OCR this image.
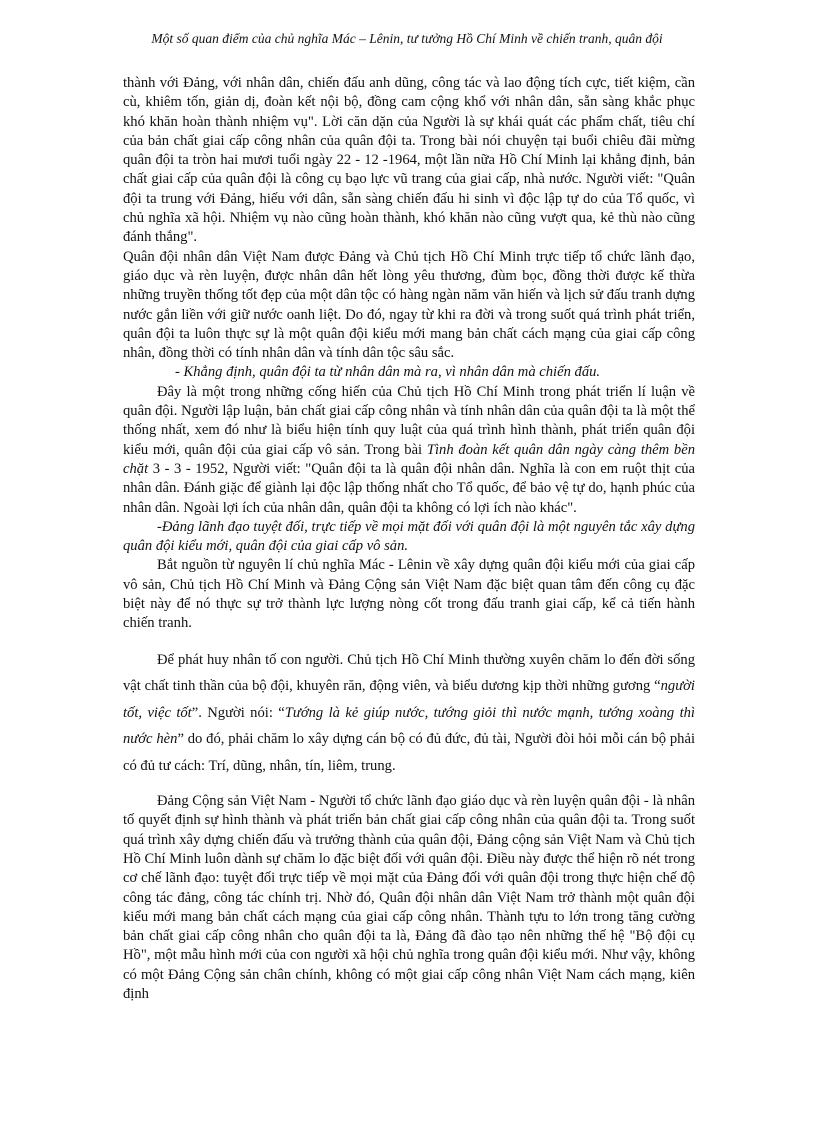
Một số quan điểm của chủ nghĩa Mác – Lênin, tư tưởng Hồ Chí Minh về chiến tranh, quân đội

thành với Đảng, với nhân dân, chiến đấu anh dũng, công tác và lao động tích cực, tiết kiệm, cần cù, khiêm tốn, giản dị, đoàn kết nội bộ, đồng cam cộng khổ với nhân dân, sẵn sàng khắc phục khó khăn hoàn thành nhiệm vụ". Lời căn dặn của Người là sự khái quát các phẩm chất, tiêu chí của bản chất giai cấp công nhân của quân đội ta. Trong bài nói chuyện tại buổi chiêu đãi mừng quân đội ta tròn hai mươi tuổi ngày 22 - 12 -1964, một lần nữa Hồ Chí Minh lại khẳng định, bản chất giai cấp của quân đội là công cụ bạo lực vũ trang của giai cấp, nhà nước. Người viết: "Quân đội ta trung với Đảng, hiếu với dân, sẵn sàng chiến đấu hi sinh vì độc lập tự do của Tổ quốc, vì chủ nghĩa xã hội. Nhiệm vụ nào cũng hoàn thành, khó khăn nào cũng vượt qua, kẻ thù nào cũng đánh thắng".

Quân đội nhân dân Việt Nam được Đảng và Chủ tịch Hồ Chí Minh trực tiếp tổ chức lãnh đạo, giáo dục và rèn luyện, được nhân dân hết lòng yêu thương, đùm bọc, đồng thời được kế thừa những truyền thống tốt đẹp của một dân tộc có hàng ngàn năm văn hiến và lịch sử đấu tranh dựng nước gắn liền với giữ nước oanh liệt. Do đó, ngay từ khi ra đời và trong suốt quá trình phát triển, quân đội ta luôn thực sự là một quân đội kiểu mới mang bản chất cách mạng của giai cấp công nhân, đồng thời có tính nhân dân và tính dân tộc sâu sắc.

- Khẳng định, quân đội ta từ nhân dân mà ra, vì nhân dân mà chiến đấu.

Đây là một trong những cống hiến của Chủ tịch Hồ Chí Minh trong phát triển lí luận về quân đội. Người lập luận, bản chất giai cấp công nhân và tính nhân dân của quân đội ta là một thể thống nhất, xem đó như là biểu hiện tính quy luật của quá trình hình thành, phát triển quân đội kiểu mới, quân đội của giai cấp vô sản. Trong bài Tình đoàn kết quân dân ngày càng thêm bền chặt 3 - 3 - 1952, Người viết: "Quân đội ta là quân đội nhân dân. Nghĩa là con em ruột thịt của nhân dân. Đánh giặc để giành lại độc lập thống nhất cho Tổ quốc, để bảo vệ tự do, hạnh phúc của nhân dân. Ngoài lợi ích của nhân dân, quân đội ta không có lợi ích nào khác".

-Đảng lãnh đạo tuyệt đối, trực tiếp về mọi mặt đối với quân đội là một nguyên tắc xây dựng quân đội kiểu mới, quân đội của giai cấp vô sản.

Bắt nguồn từ nguyên lí chủ nghĩa Mác - Lênin về xây dựng quân đội kiểu mới của giai cấp vô sản, Chủ tịch Hồ Chí Minh và Đảng Cộng sản Việt Nam đặc biệt quan tâm đến công cụ đặc biệt này để nó thực sự trở thành lực lượng nòng cốt trong đấu tranh giai cấp, kể cả tiến hành chiến tranh.

Để phát huy nhân tố con người. Chủ tịch Hồ Chí Minh thường xuyên chăm lo đến đời sống vật chất tinh thần của bộ đội, khuyên răn, động viên, và biểu dương kịp thời những gương “người tốt, việc tốt”. Người nói: “Tướng là kẻ giúp nước, tướng giỏi thì nước mạnh, tướng xoàng thì nước hèn” do đó, phải chăm lo xây dựng cán bộ có đủ đức, đủ tài, Người đòi hỏi mỗi cán bộ phải có đủ tư cách: Trí, dũng, nhân, tín, liêm, trung.

Đảng Cộng sản Việt Nam - Người tổ chức lãnh đạo giáo dục và rèn luyện quân đội - là nhân tố quyết định sự hình thành và phát triển bản chất giai cấp công nhân của quân đội ta. Trong suốt quá trình xây dựng chiến đấu và trưởng thành của quân đội, Đảng cộng sản Việt Nam và Chủ tịch Hồ Chí Minh luôn dành sự chăm lo đặc biệt đối với quân đội. Điều này được thể hiện rõ nét trong cơ chế lãnh đạo: tuyệt đối trực tiếp về mọi mặt của Đảng đối với quân đội trong thực hiện chế độ công tác đảng, công tác chính trị. Nhờ đó, Quân đội nhân dân Việt Nam trở thành một quân đội kiểu mới mang bản chất cách mạng của giai cấp công nhân. Thành tựu to lớn trong tăng cường bản chất giai cấp công nhân cho quân đội ta là, Đảng đã đào tạo nên những thế hệ "Bộ đội cụ Hồ", một mẫu hình mới của con người xã hội chủ nghĩa trong quân đội kiểu mới. Như vậy, không có một Đảng Cộng sản chân chính, không có một giai cấp công nhân Việt Nam cách mạng, kiên định
